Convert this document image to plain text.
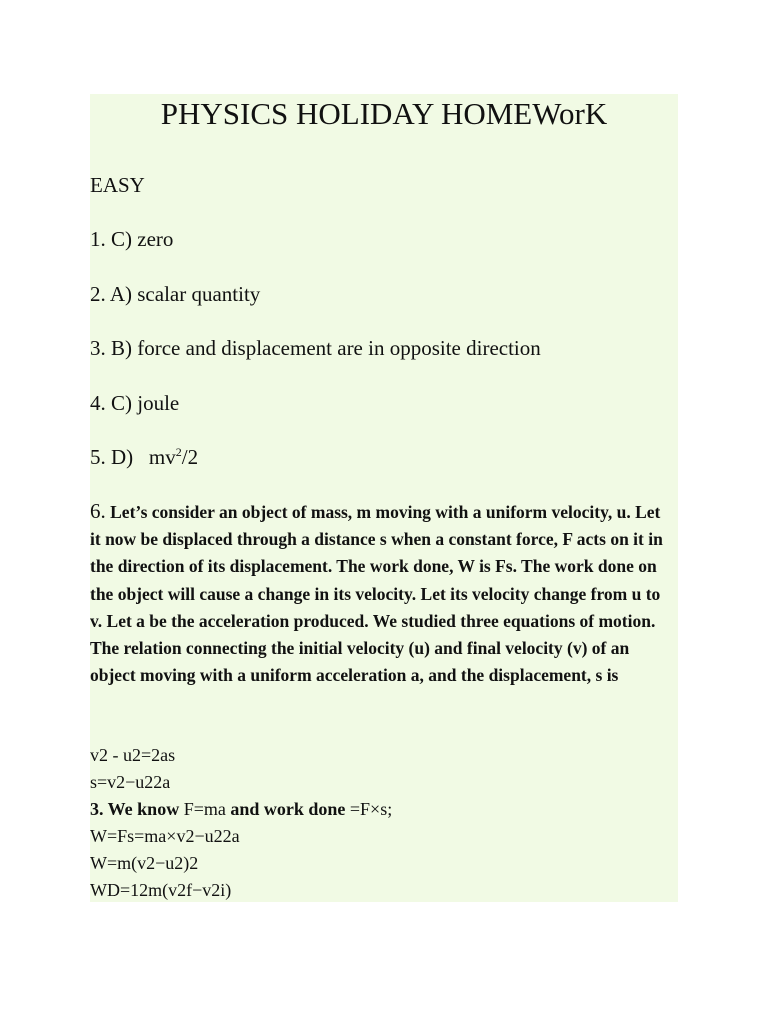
PHYSICS HOLIDAY HOMEWorK

EASY

1. C) zero

2. A) scalar quantity

3. B) force and displacement are in opposite direction

4. C) joule

5. D)   $mv^2/2$

6. Let’s consider an object of mass, m moving with a uniform velocity, u. Let it now be displaced through a distance s when a constant force, F acts on it in the direction of its displacement. The work done, W is Fs. The work done on the object will cause a change in its velocity. Let its velocity change from u to v. Let a be the acceleration produced. We studied three equations of motion. The relation connecting the initial velocity (u) and final velocity (v) of an object moving with a uniform acceleration a, and the displacement, s is

v2 - u2=2as

s=v2−u22a

3. We know F=ma and work done =F×s;

W=Fs=ma×v2−u22a

W=m(v2−u2)2

WD=12m(v2f−v2i)
